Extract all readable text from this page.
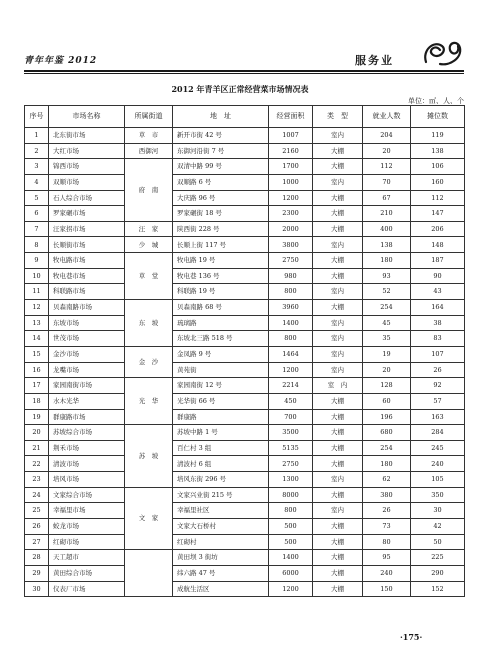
青年年鉴 2012	服务业
2012 年青羊区正常经营菜市场情况表
单位：㎡、人、个
序号	市场名称	所属街道	地　址	经营面积	类　型	就业人数	摊位数
1	北东街市场	草　市	新开市街 42 号	1007	室内	204	119
2	大红市场	西御河	东御河沿街 7 号	2160	大棚	20	138
3	锦西市场	府　南	双清中路 99 号	1700	大棚	112	106
4	双顺市场		双顺路 6 号	1000	室内	70	160
5	石人综合市场		大庆路 96 号	1200	大棚	67	112
6	罗家碾市场		罗家碾街 18 号	2300	大棚	210	147
7	汪家拐市场	汪　家	陕西街 228 号	2000	大棚	400	206
8	长顺街市场	少　城	长顺上街 117 号	3800	室内	138	148
9	牧电路市场	草　堂	牧电路 19 号	2750	大棚	180	187
10	牧电巷市场		牧电巷 136 号	980	大棚	93	90
11	科联路市场		科联路 19 号	800	室内	52	43
12	贝森南路市场	东　坡	贝森南路 68 号	3960	大棚	254	164
13	东坡市场		琉璃路	1400	室内	45	38
14	世茂市场		东坡北三路 518 号	800	室内	35	83
15	金沙市场	金　沙	金凤路 9 号	1464	室内	19	107
16	龙嘴市场		黄苑街	1200	室内	20	26
17	家园南街市场	光　华	家园南街 12 号	2214	室　内	128	92
18	水木光华		光华街 66 号	450	大棚	60	57
19	群康路市场		群康路	700	大棚	196	163
20	苏坡综合市场	苏　坡	苏坡中路 1 号	3500	大棚	680	284
21	荆禾市场		百仁村 3 组	5135	大棚	254	245
22	清波市场		清波村 6 组	2750	大棚	180	240
23	培风市场		培风东街 296 号	1300	室内	62	105
24	文家综合市场	文　家	文家兴业街 215 号	8000	大棚	380	350
25	幸福里市场		幸福里社区	800	室内	26	30
26	蛟龙市场		文家大石桥村	500	大棚	73	42
27	红砌市场		红砌村	500	大棚	80	50
28	天工超市		黄田坝 3 街坊	1400	大棚	95	225
29	黄田综合市场		纬六路 47 号	6000	大棚	240	290
30	仪表厂市场		成航生活区	1200	大棚	150	152
·175·
